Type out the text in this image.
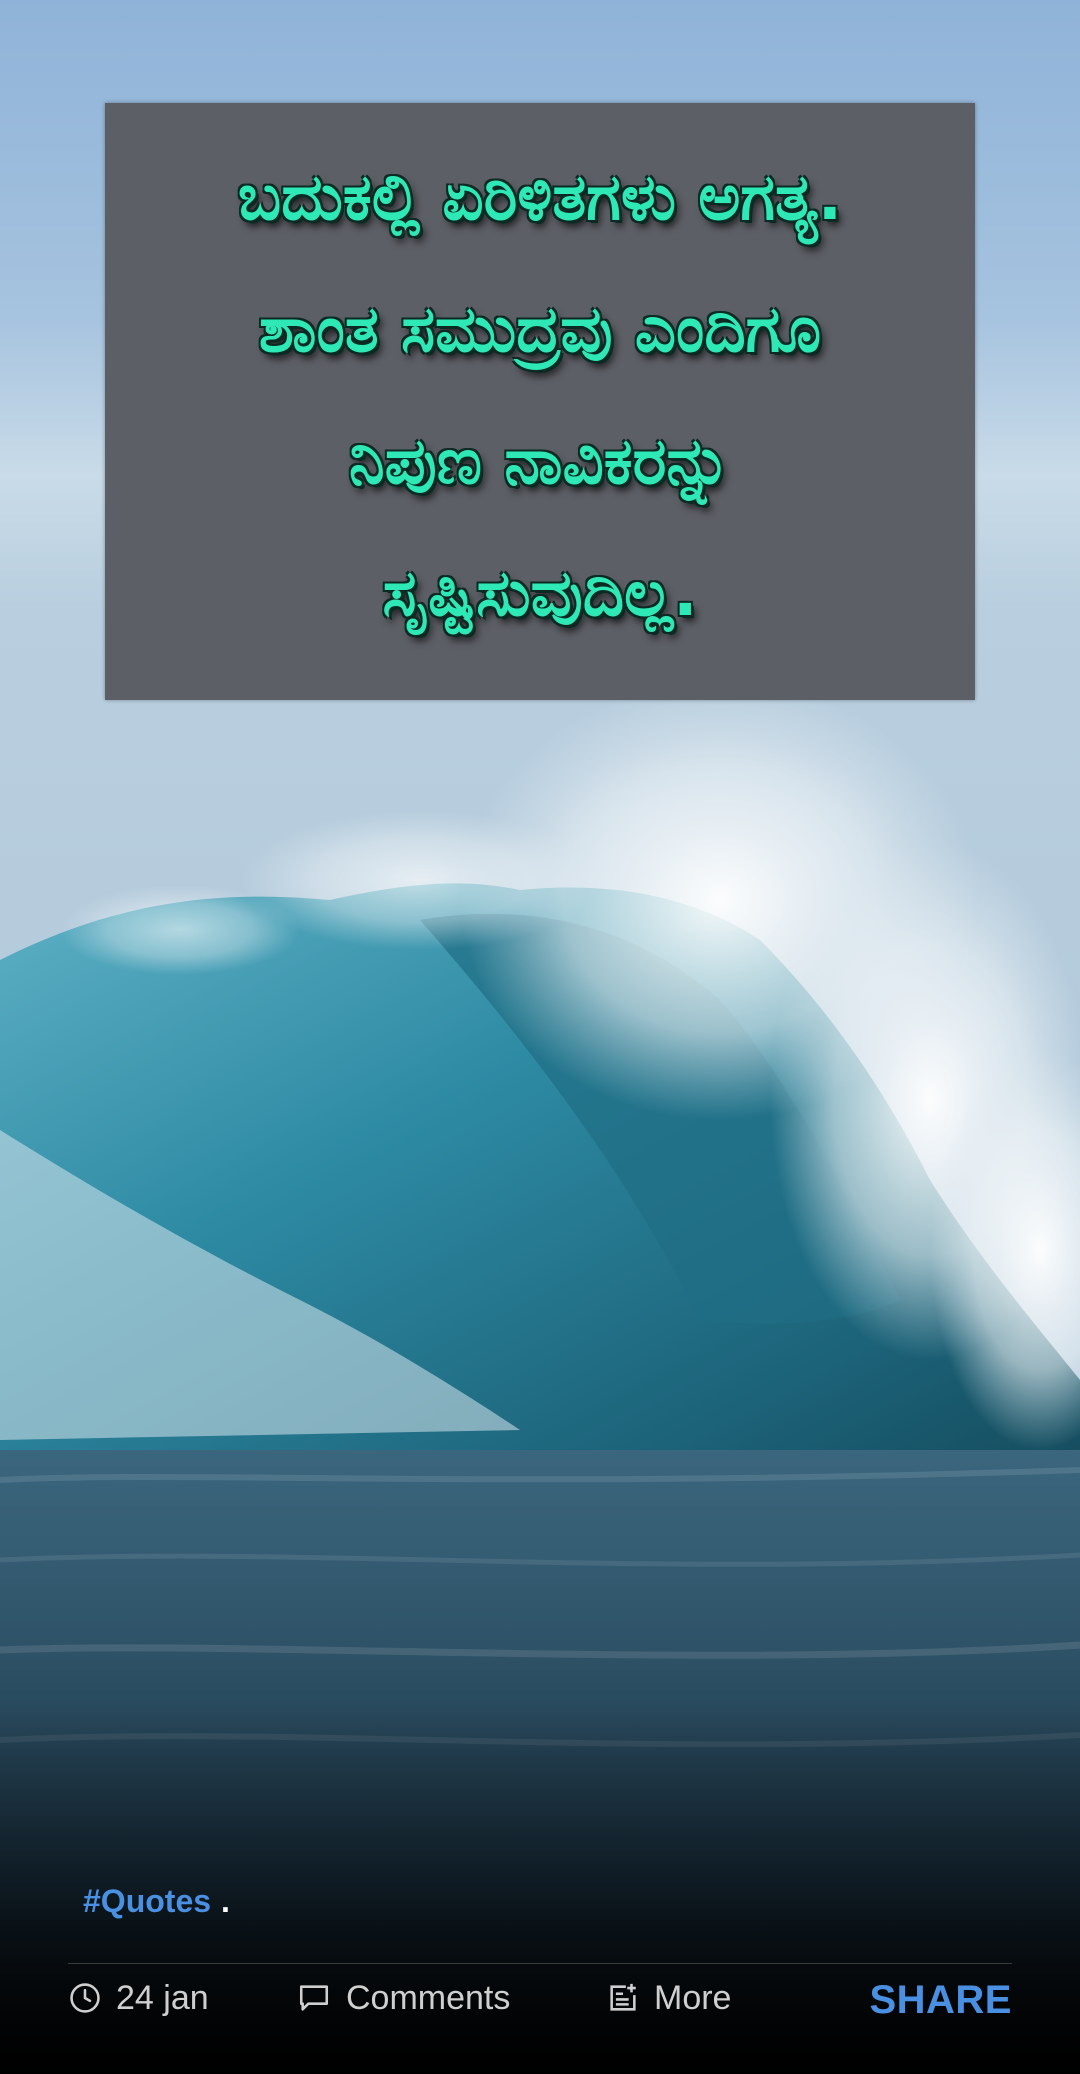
ಬದುಕಲ್ಲಿ ಏರಿಳಿತಗಳು ಅಗತ್ಯ.
ಶಾಂತ ಸಮುದ್ರವು ಎಂದಿಗೂ
ನಿಪುಣ ನಾವಿಕರನ್ನು
ಸೃಷ್ಟಿಸುವುದಿಲ್ಲ.
#Quotes .
24 jan	Comments	More	SHARE
